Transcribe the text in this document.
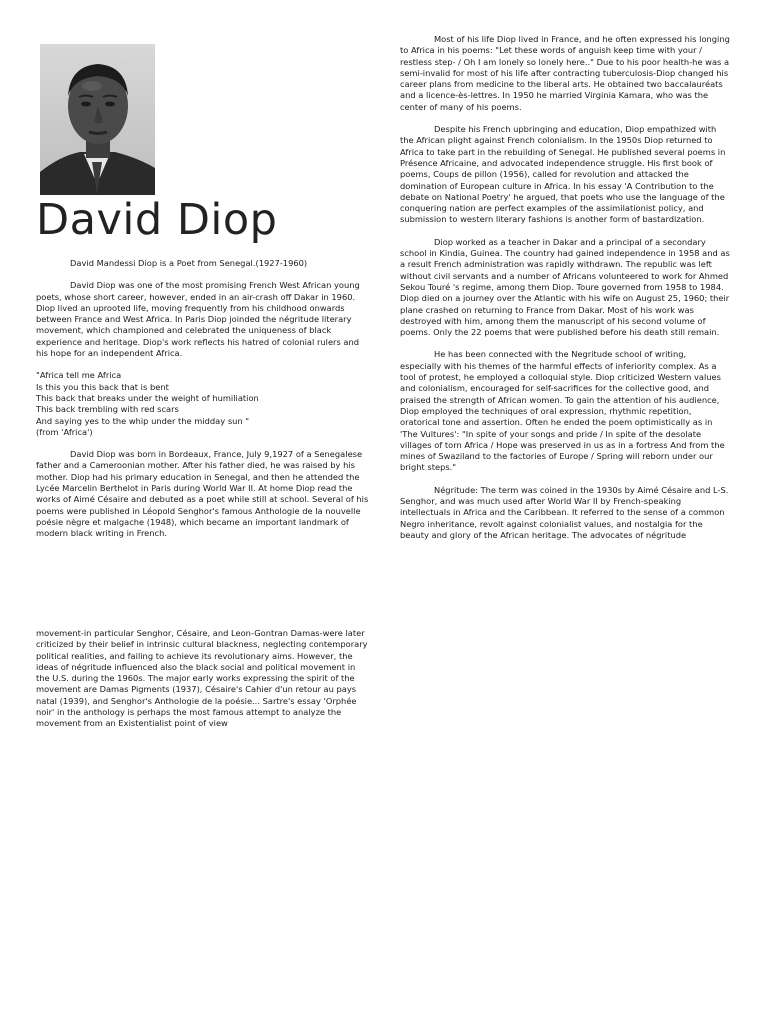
David Diop

David Mandessi Diop is a Poet from Senegal.(1927-1960)

David Diop was one of the most promising French West African young poets, whose short career, however, ended in an air-crash off Dakar in 1960. Diop lived an uprooted life, moving frequently from his childhood onwards between France and West Africa. In Paris Diop joinded the négritude literary movement, which championed and celebrated the uniqueness of black experience and heritage. Diop's work reflects his hatred of colonial rulers and his hope for an independent Africa.

"Africa tell me Africa
Is this you this back that is bent
This back that breaks under the weight of humiliation
This back trembling with red scars
And saying yes to the whip under the midday sun "
(from 'Africa')

David Diop was born in Bordeaux, France, July 9,1927 of a Senegalese father and a Cameroonian mother. After his father died, he was raised by his mother. Diop had his primary education in Senegal, and then he attended the Lycée Marcelin Berthelot in Paris during World War II. At home Diop read the works of Aimé Césaire and debuted as a poet while still at school. Several of his poems were published in Léopold Senghor's famous Anthologie de la nouvelle poésie nègre et malgache (1948), which became an important landmark of modern black writing in French.

Most of his life Diop lived in France, and he often expressed his longing to Africa in his poems: "Let these words of anguish keep time with your / restless step- / Oh I am lonely so lonely here.." Due to his poor health-he was a semi-invalid for most of his life after contracting tuberculosis-Diop changed his career plans from medicine to the liberal arts. He obtained two baccalauréats and a licence-ès-lettres. In 1950 he married Virginia Kamara, who was the center of many of his poems.

Despite his French upbringing and education, Diop empathized with the African plight against French colonialism. In the 1950s Diop returned to Africa to take part in the rebuilding of Senegal. He published several poems in Présence Africaine, and advocated independence struggle. His first book of poems, Coups de pillon (1956), called for revolution and attacked the domination of European culture in Africa. In his essay 'A Contribution to the debate on National Poetry' he argued, that poets who use the language of the conquering nation are perfect examples of the assimilationist policy, and submission to western literary fashions is another form of bastardization.

Diop worked as a teacher in Dakar and a principal of a secondary school in Kindia, Guinea. The country had gained independence in 1958 and as a result French administration was rapidly withdrawn. The republic was left without civil servants and a number of Africans volunteered to work for Ahmed Sekou Touré 's regime, among them Diop. Toure governed from 1958 to 1984. Diop died on a journey over the Atlantic with his wife on August 25, 1960; their plane crashed on returning to France from Dakar. Most of his work was destroyed with him, among them the manuscript of his second volume of poems. Only the 22 poems that were published before his death still remain.

He has been connected with the Negritude school of writing, especially with his themes of the harmful effects of inferiority complex. As a tool of protest, he employed a colloquial style. Diop criticized Western values and colonialism, encouraged for self-sacrifices for the collective good, and praised the strength of African women. To gain the attention of his audience, Diop employed the techniques of oral expression, rhythmic repetition, oratorical tone and assertion. Often he ended the poem optimistically as in 'The Vultures': "In spite of your songs and pride / In spite of the desolate villages of torn Africa / Hope was preserved in us as in a fortress And from the mines of Swaziland to the factories of Europe / Spring will reborn under our bright steps."

Négritude: The term was coined in the 1930s by Aimé Césaire and L-S. Senghor, and was much used after World War II by French-speaking intellectuals in Africa and the Caribbean. It referred to the sense of a common Negro inheritance, revolt against colonialist values, and nostalgia for the beauty and glory of the African heritage. The advocates of négritude

movement-in particular Senghor, Césaire, and Leon-Gontran Damas-were later criticized by their belief in intrinsic cultural blackness, neglecting contemporary political realities, and failing to achieve its revolutionary aims. However, the ideas of négritude influenced also the black social and political movement in the U.S. during the 1960s. The major early works expressing the spirit of the movement are Damas Pigments (1937), Césaire's Cahier d'un retour au pays natal (1939), and Senghor's Anthologie de la poésie... Sartre's essay 'Orphée noir' in the anthology is perhaps the most famous attempt to analyze the movement from an Existentialist point of view
